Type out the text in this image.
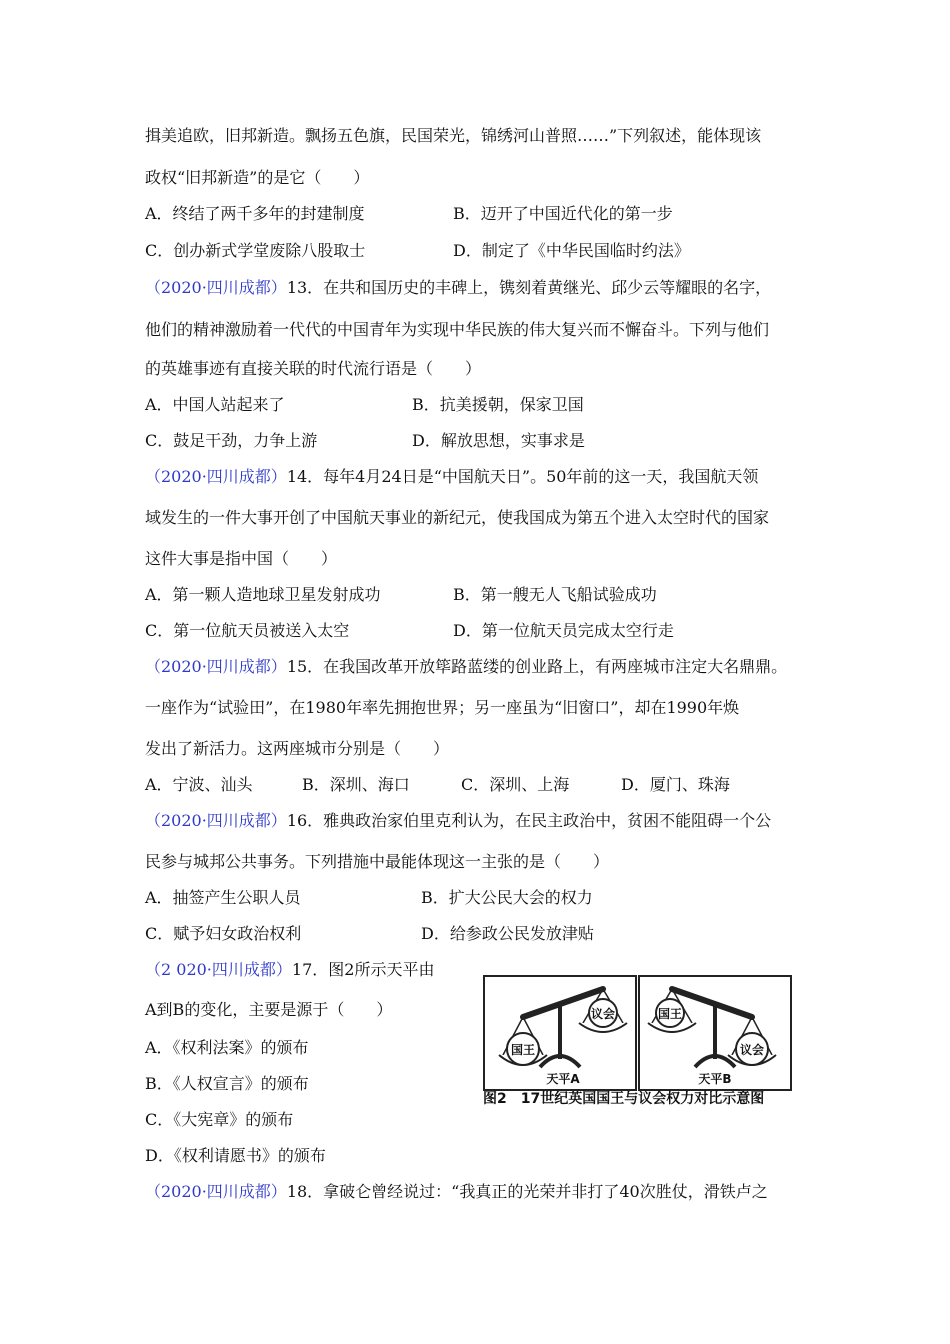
揖美追欧，旧邦新造。飘扬五色旗，民国荣光，锦绣河山普照……”下列叙述，能体现该
政权“旧邦新造”的是它（　　）
A．终结了两千多年的封建制度	B．迈开了中国近代化的第一步
C．创办新式学堂废除八股取士	D．制定了《中华民国临时约法》
（2020·四川成都）13．在共和国历史的丰碑上，镌刻着黄继光、邱少云等耀眼的名字，
他们的精神激励着一代代的中国青年为实现中华民族的伟大复兴而不懈奋斗。下列与他们
的英雄事迹有直接关联的时代流行语是（　　）
A．中国人站起来了	B．抗美援朝，保家卫国
C．鼓足干劲，力争上游	D．解放思想，实事求是
（2020·四川成都）14．每年4月24日是“中国航天日”。50年前的这一天，我国航天领
域发生的一件大事开创了中国航天事业的新纪元，使我国成为第五个进入太空时代的国家
这件大事是指中国（　　）
A．第一颗人造地球卫星发射成功	B．第一艘无人飞船试验成功
C．第一位航天员被送入太空	D．第一位航天员完成太空行走
（2020·四川成都）15．在我国改革开放筚路蓝缕的创业路上，有两座城市注定大名鼎鼎。
一座作为“试验田”，在1980年率先拥抱世界；另一座虽为“旧窗口”，却在1990年焕
发出了新活力。这两座城市分别是（　　）
A．宁波、汕头	B．深圳、海口	C．深圳、上海	D．厦门、珠海
（2020·四川成都）16．雅典政治家伯里克利认为，在民主政治中，贫困不能阻碍一个公
民参与城邦公共事务。下列措施中最能体现这一主张的是（　　）
A．抽签产生公职人员	B．扩大公民大会的权力
C．赋予妇女政治权利	D．给参政公民发放津贴
（2 020·四川成都）17．图2所示天平由
A到B的变化，主要是源于（　　）
A．《权利法案》的颁布
B．《人权宣言》的颁布
C．《大宪章》的颁布
D．《权利请愿书》的颁布
国王
议会
天平A
国王
议会
天平B
图2　17世纪英国国王与议会权力对比示意图
（2020·四川成都）18．拿破仑曾经说过：“我真正的光荣并非打了40次胜仗，滑铁卢之
